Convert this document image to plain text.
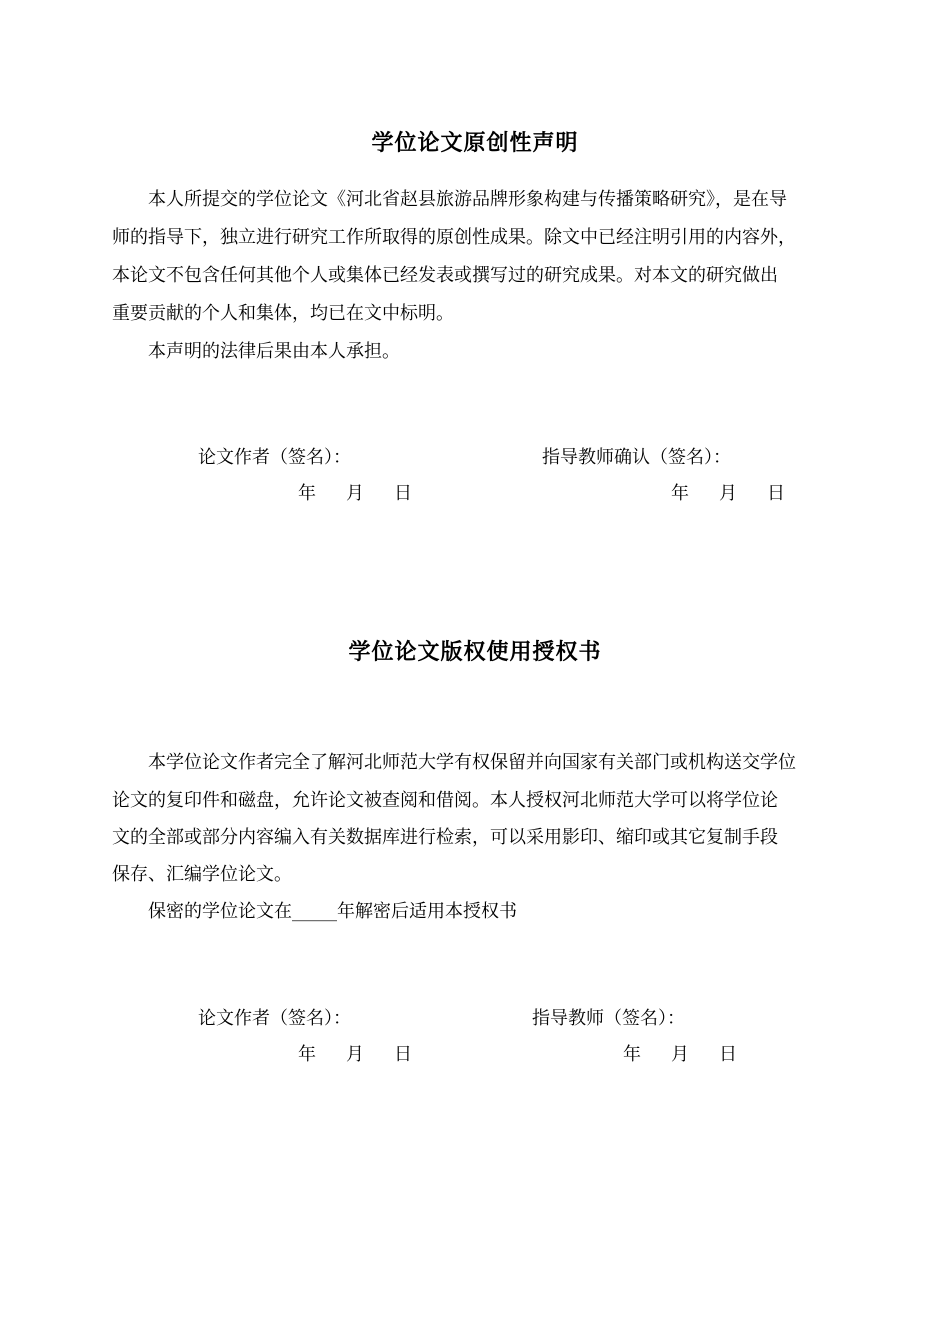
学位论文原创性声明
本人所提交的学位论文《河北省赵县旅游品牌形象构建与传播策略研究》，是在导
师的指导下，独立进行研究工作所取得的原创性成果。除文中已经注明引用的内容外，
本论文不包含任何其他个人或集体已经发表或撰写过的研究成果。对本文的研究做出
重要贡献的个人和集体，均已在文中标明。
本声明的法律后果由本人承担。
论文作者（签名）：	指导教师确认（签名）：
年 月 日	年 月 日
学位论文版权使用授权书
本学位论文作者完全了解河北师范大学有权保留并向国家有关部门或机构送交学位
论文的复印件和磁盘，允许论文被查阅和借阅。本人授权河北师范大学可以将学位论
文的全部或部分内容编入有关数据库进行检索，可以采用影印、缩印或其它复制手段
保存、汇编学位论文。
保密的学位论文在_____年解密后适用本授权书
论文作者（签名）：	指导教师（签名）：
年 月 日	年 月 日
